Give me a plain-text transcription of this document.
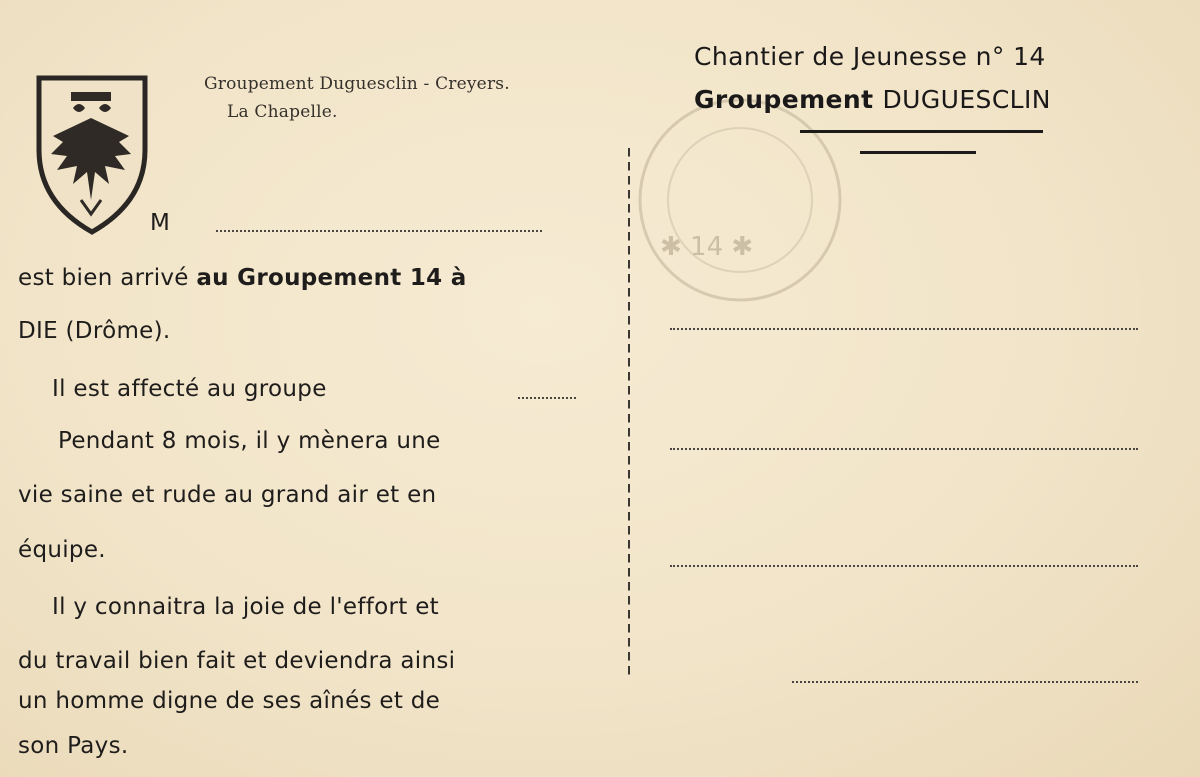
✱ 14 ✱
Groupement Duguesclin - Creyers.
La Chapelle.
M
est bien arrivé au Groupement 14 à
DIE (Drôme).
Il est affecté au groupe
Pendant 8 mois, il y mènera une
vie saine et rude au grand air et en
équipe.
Il y connaitra la joie de l'effort et
du travail bien fait et deviendra ainsi
un homme digne de ses aînés et de
son Pays.
Chantier de Jeunesse n° 14
Groupement DUGUESCLIN
